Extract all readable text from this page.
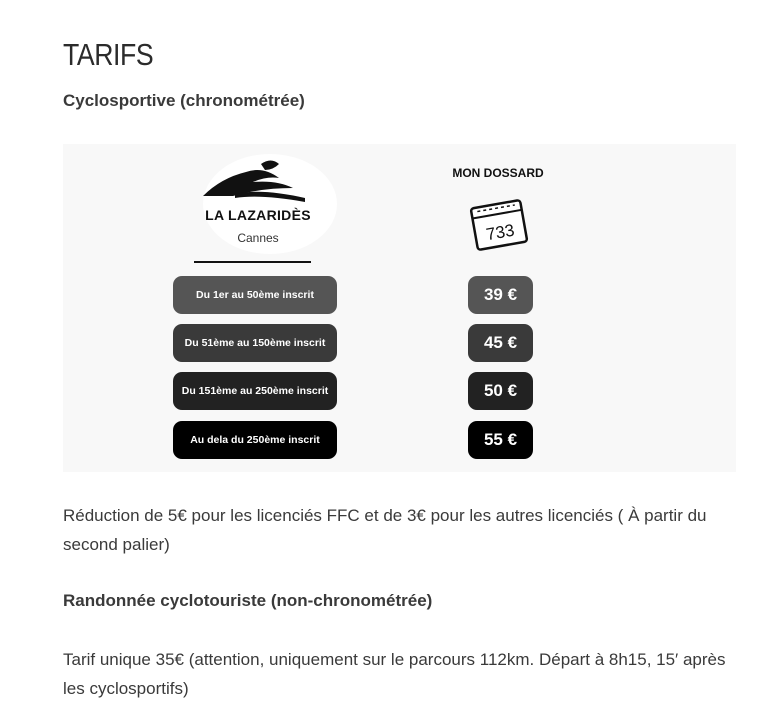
TARIFS
Cyclosportive (chronométrée)
LA LAZARIDÈS
Cannes
MON DOSSARD
733
Du 1er au 50ème inscrit
Du 51ème au 150ème inscrit
Du 151ème au 250ème inscrit
Au dela du 250ème inscrit
39 €
45 €
50 €
55 €

Réduction de 5€ pour les licenciés FFC et de 3€ pour les autres licenciés ( À partir du second palier)

Randonnée cyclotouriste (non-chronométrée)

Tarif unique 35€ (attention, uniquement sur le parcours 112km. Départ à 8h15, 15′ après les cyclosportifs)
